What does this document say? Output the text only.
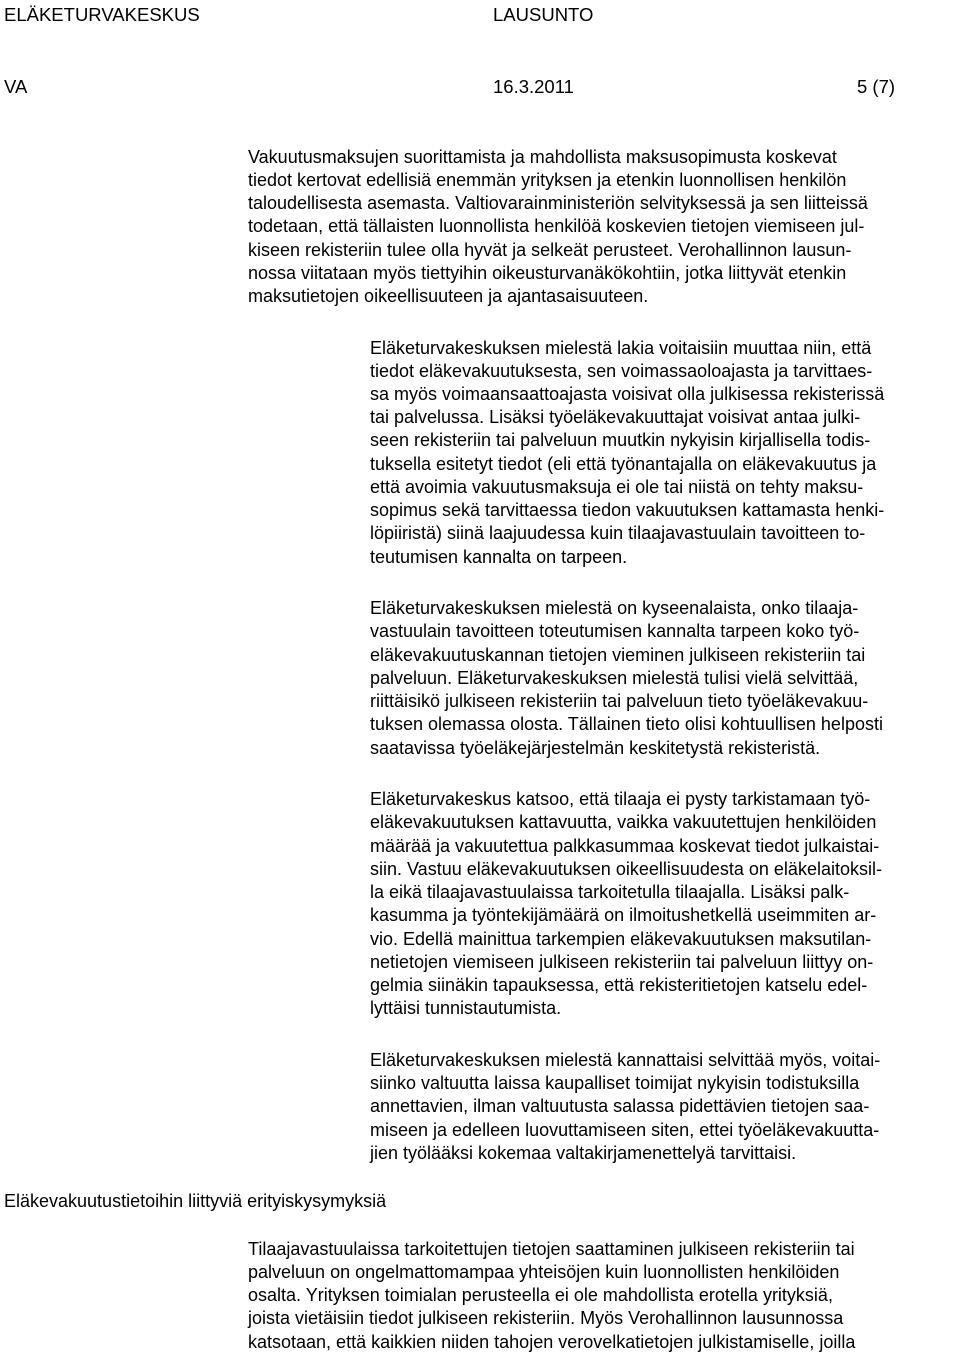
ELÄKETURVAKESKUS	LAUSUNTO
VA	16.3.2011	5 (7)
Vakuutusmaksujen suorittamista ja mahdollista maksusopimusta koskevat
tiedot kertovat edellisiä enemmän yrityksen ja etenkin luonnollisen henkilön
taloudellisesta asemasta. Valtiovarainministeriön selvityksessä ja sen liitteissä
todetaan, että tällaisten luonnollista henkilöä koskevien tietojen viemiseen jul-
kiseen rekisteriin tulee olla hyvät ja selkeät perusteet. Verohallinnon lausun-
nossa viitataan myös tiettyihin oikeusturvanäkökohtiin, jotka liittyvät etenkin
maksutietojen oikeellisuuteen ja ajantasaisuuteen.
Eläketurvakeskuksen mielestä lakia voitaisiin muuttaa niin, että
tiedot eläkevakuutuksesta, sen voimassaoloajasta ja tarvittaes-
sa myös voimaansaattoajasta voisivat olla julkisessa rekisterissä
tai palvelussa. Lisäksi työeläkevakuuttajat voisivat antaa julki-
seen rekisteriin tai palveluun muutkin nykyisin kirjallisella todis-
tuksella esitetyt tiedot (eli että työnantajalla on eläkevakuutus ja
että avoimia vakuutusmaksuja ei ole tai niistä on tehty maksu-
sopimus sekä tarvittaessa tiedon vakuutuksen kattamasta henki-
löpiiristä) siinä laajuudessa kuin tilaajavastuulain tavoitteen to-
teutumisen kannalta on tarpeen.
Eläketurvakeskuksen mielestä on kyseenalaista, onko tilaaja-
vastuulain tavoitteen toteutumisen kannalta tarpeen koko työ-
eläkevakuutuskannan tietojen vieminen julkiseen rekisteriin tai
palveluun. Eläketurvakeskuksen mielestä tulisi vielä selvittää,
riittäisikö julkiseen rekisteriin tai palveluun tieto työeläkevakuu-
tuksen olemassa olosta. Tällainen tieto olisi kohtuullisen helposti
saatavissa työeläkejärjestelmän keskitetystä rekisteristä.
Eläketurvakeskus katsoo, että tilaaja ei pysty tarkistamaan työ-
eläkevakuutuksen kattavuutta, vaikka vakuutettujen henkilöiden
määrää ja vakuutettua palkkasummaa koskevat tiedot julkaistai-
siin. Vastuu eläkevakuutuksen oikeellisuudesta on eläkelaitoksil-
la eikä tilaajavastuulaissa tarkoitetulla tilaajalla. Lisäksi palk-
kasumma ja työntekijämäärä on ilmoitushetkellä useimmiten ar-
vio. Edellä mainittua tarkempien eläkevakuutuksen maksutilan-
netietojen viemiseen julkiseen rekisteriin tai palveluun liittyy on-
gelmia siinäkin tapauksessa, että rekisteritietojen katselu edel-
lyttäisi tunnistautumista.
Eläketurvakeskuksen mielestä kannattaisi selvittää myös, voitai-
siinko valtuutta laissa kaupalliset toimijat nykyisin todistuksilla
annettavien, ilman valtuutusta salassa pidettävien tietojen saa-
miseen ja edelleen luovuttamiseen siten, ettei työeläkevakuutta-
jien työlääksi kokemaa valtakirjamenettelyä tarvittaisi.
Eläkevakuutustietoihin liittyviä erityiskysymyksiä
Tilaajavastuulaissa tarkoitettujen tietojen saattaminen julkiseen rekisteriin tai
palveluun on ongelmattomampaa yhteisöjen kuin luonnollisten henkilöiden
osalta. Yrityksen toimialan perusteella ei ole mahdollista erotella yrityksiä,
joista vietäisiin tiedot julkiseen rekisteriin. Myös Verohallinnon lausunnossa
katsotaan, että kaikkien niiden tahojen verovelkatietojen julkistamiselle, joilla
